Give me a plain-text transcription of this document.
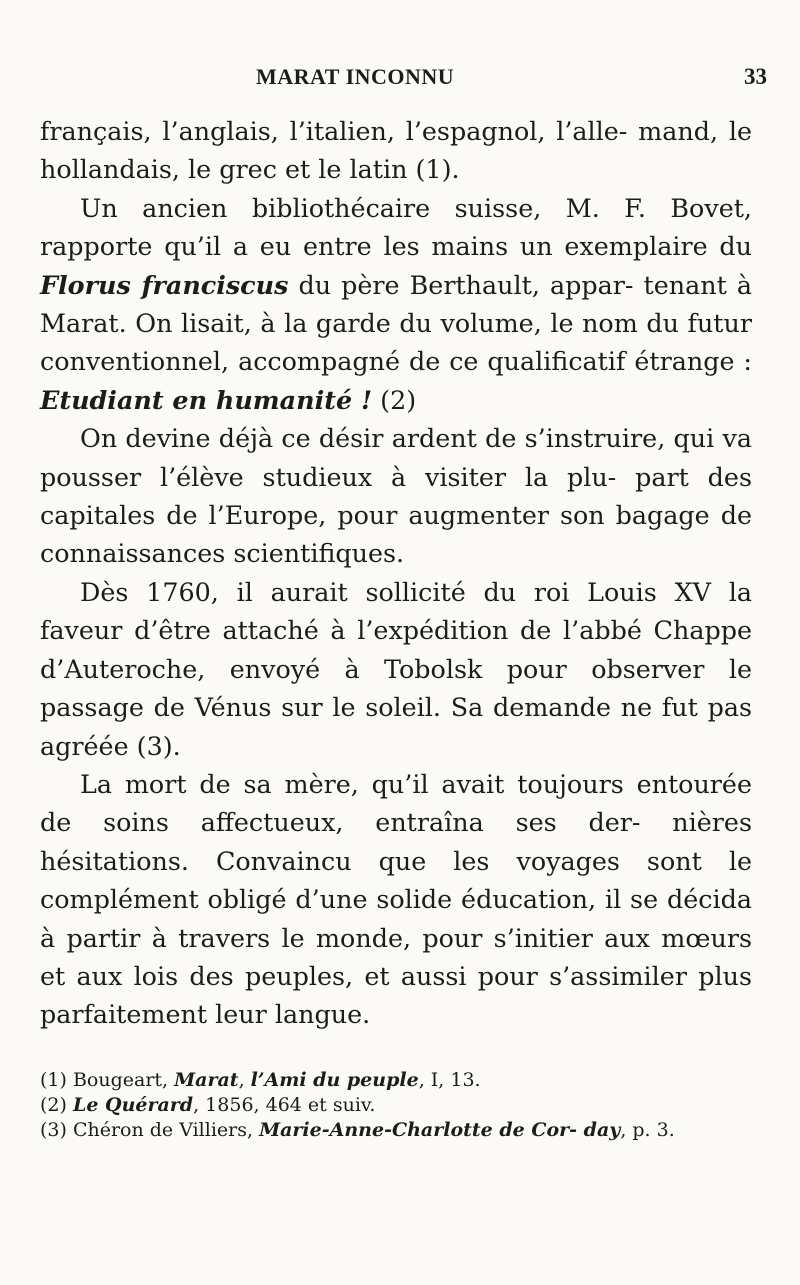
MARAT INCONNU	33

français, l’anglais, l’italien, l’espagnol, l’alle- mand, le hollandais, le grec et le latin (1).

Un ancien bibliothécaire suisse, M. F. Bovet, rapporte qu’il a eu entre les mains un exemplaire du Florus franciscus du père Berthault, appar- tenant à Marat. On lisait, à la garde du volume, le nom du futur conventionnel, accompagné de ce qualificatif étrange : Etudiant en humanité ! (2)

On devine déjà ce désir ardent de s’instruire, qui va pousser l’élève studieux à visiter la plu- part des capitales de l’Europe, pour augmenter son bagage de connaissances scientifiques.

Dès 1760, il aurait sollicité du roi Louis XV la faveur d’être attaché à l’expédition de l’abbé Chappe d’Auteroche, envoyé à Tobolsk pour observer le passage de Vénus sur le soleil. Sa demande ne fut pas agréée (3).

La mort de sa mère, qu’il avait toujours entourée de soins affectueux, entraîna ses der- nières hésitations. Convaincu que les voyages sont le complément obligé d’une solide éducation, il se décida à partir à travers le monde, pour s’initier aux mœurs et aux lois des peuples, et aussi pour s’assimiler plus parfaitement leur langue.

(1) Bougeart, Marat, l’Ami du peuple, I, 13.

(2) Le Quérard, 1856, 464 et suiv.

(3) Chéron de Villiers, Marie-Anne-Charlotte de Cor- day, p. 3.
